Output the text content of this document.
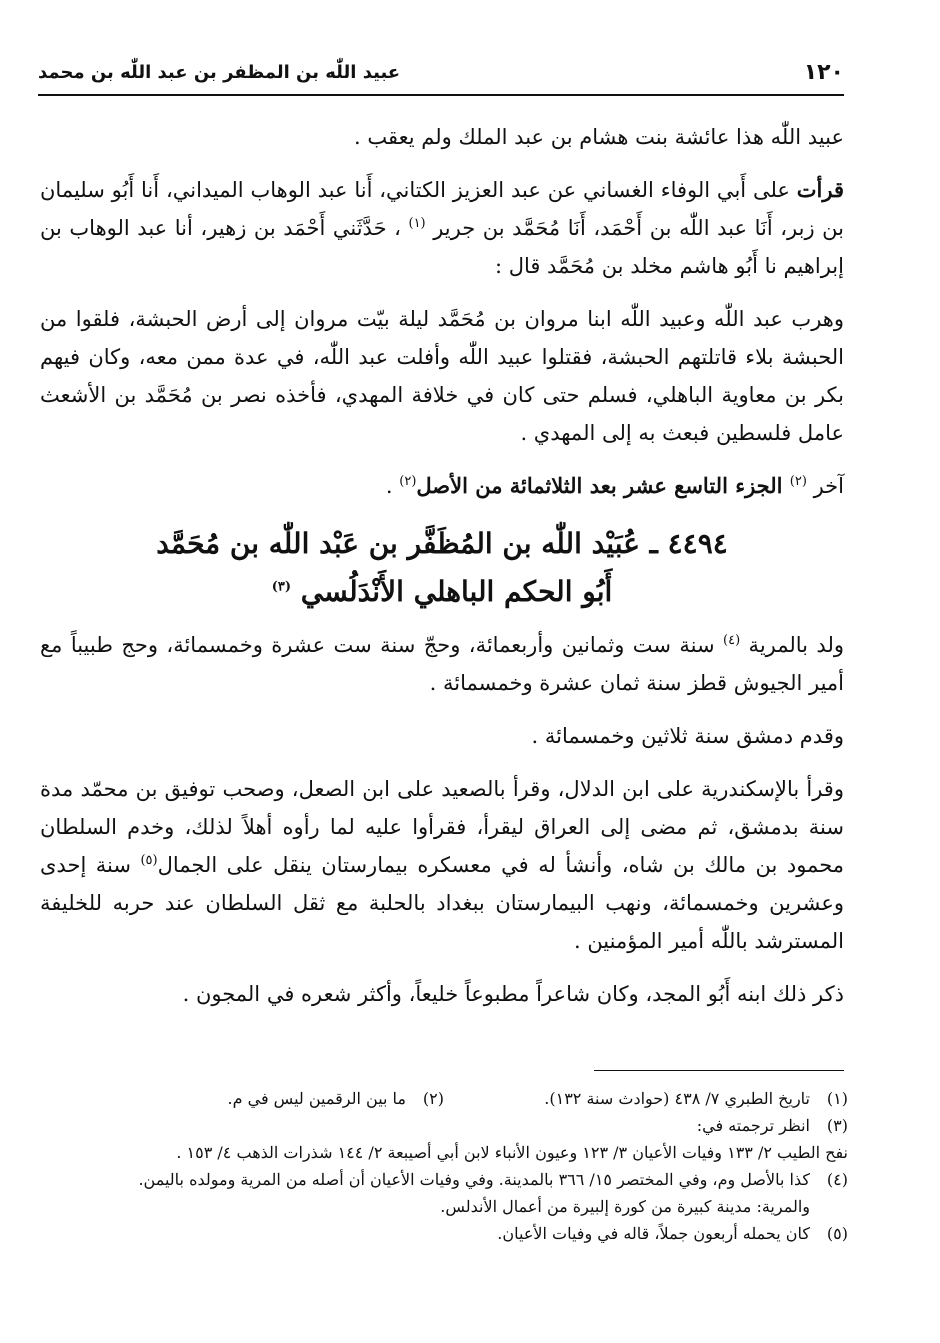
١٢٠
عبيد اللّٰه بن المظفر بن عبد اللّٰه بن محمد

عبيد اللّٰه هذا عائشة بنت هشام بن عبد الملك ولم يعقب .

قرأت على أَبي الوفاء الغساني عن عبد العزيز الكتاني، أَنا عبد الوهاب الميداني، أَنا أَبُو سليمان بن زبر، أَنَا عبد اللّٰه بن أَحْمَد، أَنَا مُحَمَّد بن جرير $^{(١)}$ ، حَدَّثَني أَحْمَد بن زهير، أنا عبد الوهاب بن إبراهيم نا أَبُو هاشم مخلد بن مُحَمَّد قال :

وهرب عبد اللّٰه وعبيد اللّٰه ابنا مروان بن مُحَمَّد ليلة بيّت مروان إلى أرض الحبشة، فلقوا من الحبشة بلاء قاتلتهم الحبشة، فقتلوا عبيد اللّٰه وأفلت عبد اللّٰه، في عدة ممن معه، وكان فيهم بكر بن معاوية الباهلي، فسلم حتى كان في خلافة المهدي، فأخذه نصر بن مُحَمَّد بن الأشعث عامل فلسطين فبعث به إلى المهدي .

آخر $^{(٢)}$ الجزء التاسع عشر بعد الثلاثمائة من الأصل$^{(٢)}$ .

٤٤٩٤ ـ عُبَيْد اللّٰه بن المُظَفَّر بن عَبْد اللّٰه بن مُحَمَّد
أَبُو الحكم الباهلي الأَنْدَلُسي $^{(٣)}$

ولد بالمرية $^{(٤)}$ سنة ست وثمانين وأربعمائة، وحجّ سنة ست عشرة وخمسمائة، وحج طبيباً مع أمير الجيوش قطز سنة ثمان عشرة وخمسمائة .

وقدم دمشق سنة ثلاثين وخمسمائة .

وقرأ بالإسكندرية على ابن الدلال، وقرأ بالصعيد على ابن الصعل، وصحب توفيق بن محمّد مدة سنة بدمشق، ثم مضى إلى العراق ليقرأ، فقرأوا عليه لما رأوه أهلاً لذلك، وخدم السلطان محمود بن مالك بن شاه، وأنشأ له في معسكره بيمارستان ينقل على الجمال$^{(٥)}$ سنة إحدى وعشرين وخمسمائة، ونهب البيمارستان ببغداد بالحلبة مع ثقل السلطان عند حربه للخليفة المسترشد باللّٰه أمير المؤمنين .

ذكر ذلك ابنه أَبُو المجد، وكان شاعراً مطبوعاً خليعاً، وأكثر شعره في المجون .

(١)
تاريخ الطبري ٧/ ٤٣٨ (حوادث سنة ١٣٢).
(٢)
ما بين الرقمين ليس في م.
(٣)
انظر ترجمته في:
نفح الطيب ٢/ ١٣٣ وفيات الأعيان ٣/ ١٢٣ وعيون الأنباء لابن أبي أصيبعة ٢/ ١٤٤ شذرات الذهب ٤/ ١٥٣ .
(٤)
كذا بالأصل وم، وفي المختصر ١٥/ ٣٦٦ بالمدينة. وفي وفيات الأعيان أن أصله من المرية ومولده باليمن.
والمرية: مدينة كبيرة من كورة إلبيرة من أعمال الأندلس.
(٥)
كان يحمله أربعون جملاً، قاله في وفيات الأعيان.
